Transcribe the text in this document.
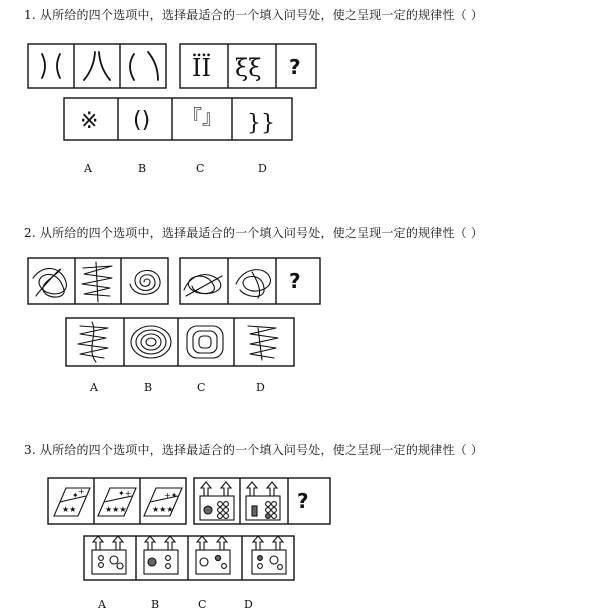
1. 从所给的四个选项中，选择最适合的一个填入问号处，使之呈现一定的规律性（ ）
2. 从所给的四个选项中，选择最适合的一个填入问号处，使之呈现一定的规律性（ ）
3. 从所给的四个选项中，选择最适合的一个填入问号处，使之呈现一定的规律性（ ）
ÏÏ ξξ ?
※ () 『』 }}
?
★★
✦ +
★★★
✦+
★★★
+✦	?
A	B	C	D
A	B	C	D
A	B	C	D
